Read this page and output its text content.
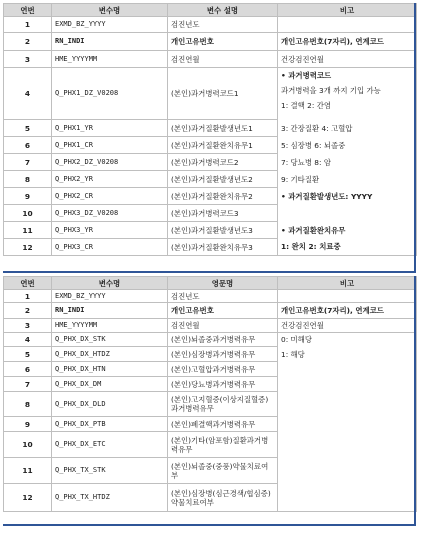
연번	변수명	변수 설명	비고
1	EXMD_BZ_YYYY	검진년도	
2	RN_INDI	개인고유번호	개인고유번호(7자리), 연계코드
3	HME_YYYYMM	검진연월	건강검진연월
4	Q_PHX1_DZ_V0208	(본인)과거병력코드1	• 과거병력코드
과거병력을 3개 까지 기입 가능
1: 결핵 2: 간염

5	Q_PHX1_YR	(본인)과거질환발생년도1	3: 간장질환 4: 고혈압
6	Q_PHX1_CR	(본인)과거질환완치유무1	5: 심장병 6: 뇌졸중
7	Q_PHX2_DZ_V0208	(본인)과거병력코드2	7: 당뇨병 8: 암
8	Q_PHX2_YR	(본인)과거질환발생년도2	9: 기타질환
9	Q_PHX2_CR	(본인)과거질환완치유무2	• 과거질환발생년도: YYYY
10	Q_PHX3_DZ_V0208	(본인)과거병력코드3	
11	Q_PHX3_YR	(본인)과거질환발생년도3	• 과거질환완치유무
12	Q_PHX3_CR	(본인)과거질환완치유무3	1: 완치 2: 치료중
연번	변수명	영문명	비고
1	EXMD_BZ_YYYY	검진년도	
2	RN_INDI	개인고유번호	개인고유번호(7자리), 연계코드
3	HME_YYYYMM	검진연월	건강검진연월
4	Q_PHX_DX_STK	(본인)뇌졸중과거병력유무	0: 미해당
5	Q_PHX_DX_HTDZ	(본인)심장병과거병력유무	1: 해당
6	Q_PHX_DX_HTN	(본인)고혈압과거병력유무	
7	Q_PHX_DX_DM	(본인)당뇨병과거병력유무	
8	Q_PHX_DX_DLD	(본인)고지혈증(이상지질혈증)과거병력유무	
9	Q_PHX_DX_PTB	(본인)폐결핵과거병력유무	
10	Q_PHX_DX_ETC	(본인)기타(암포함)질환과거병력유무	
11	Q_PHX_TX_STK	(본인)뇌졸중(중풍)약물치료여부	
12	Q_PHX_TX_HTDZ	(본인)심장병(심근경색/협심증)약물치료여부	
